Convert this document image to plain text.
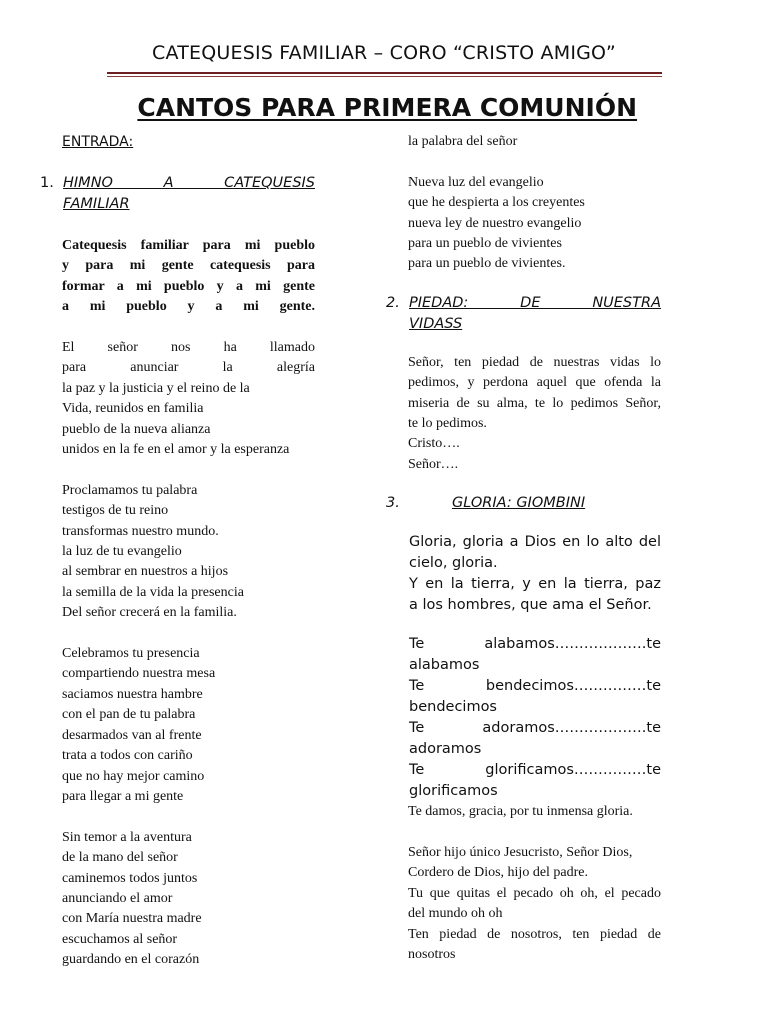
CATEQUESIS FAMILIAR – CORO “CRISTO AMIGO”
CANTOS PARA PRIMERA COMUNIÓN
ENTRADA:
1. HIMNO A CATEQUESIS
FAMILIAR
Catequesis familiar para mi pueblo
y para mi gente catequesis para
formar a mi pueblo y a mi gente
a mi pueblo y a mi gente.
El señor nos ha llamado
para anunciar la alegría
la paz y la justicia y el reino de la
Vida, reunidos en familia
pueblo de la nueva alianza
unidos en la fe en el amor y la esperanza
Proclamamos tu palabra
testigos de tu reino
transformas nuestro mundo.
la luz de tu evangelio
al sembrar en nuestros a hijos
la semilla de la vida la presencia
Del señor crecerá en la familia.
Celebramos tu presencia
compartiendo nuestra mesa
saciamos nuestra hambre
con el pan de tu palabra
desarmados van al frente
trata a todos con cariño
que no hay mejor camino
para llegar a mi gente
Sin temor a la aventura
de la mano del señor
caminemos todos juntos
anunciando el amor
con María nuestra madre
escuchamos al señor
guardando en el corazón
la palabra del señor
Nueva luz del evangelio
que he despierta a los creyentes
nueva ley de nuestro evangelio
para un pueblo de vivientes
para un pueblo de vivientes.
2. PIEDAD: DE NUESTRA
VIDASS
Señor, ten piedad de nuestras vidas lo
pedimos, y perdona aquel que ofenda la
miseria de su alma, te lo pedimos Señor,
te lo pedimos.
Cristo….
Señor….
3.	GLORIA: GIOMBINI
Gloria, gloria a Dios en lo alto del
cielo, gloria.
Y en la tierra, y en la tierra, paz
a los hombres, que ama el Señor.
Te alabamos……………….te
alabamos
Te bendecimos……………te
bendecimos
Te adoramos……………….te
adoramos
Te glorificamos……………te
glorificamos
Te damos, gracia, por tu inmensa gloria.
Señor hijo único Jesucristo, Señor Dios,
Cordero de Dios, hijo del padre.
Tu que quitas el pecado oh oh, el pecado
del mundo oh oh
Ten piedad de nosotros, ten piedad de
nosotros
